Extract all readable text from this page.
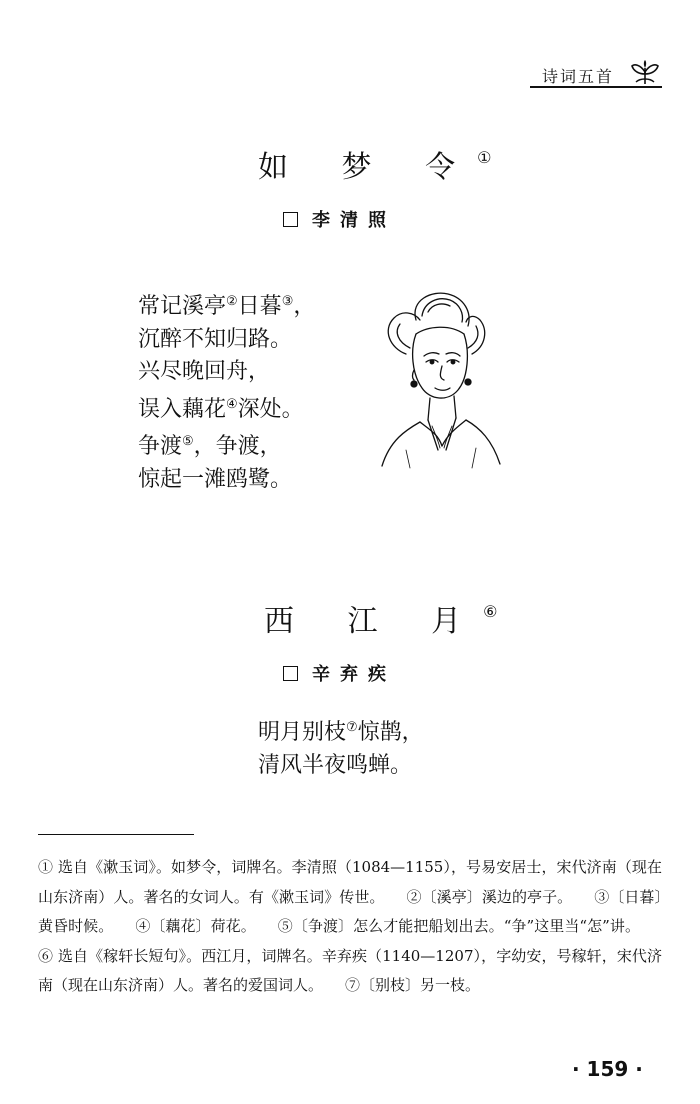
诗词五首
如 梦 令①
李清照
常记溪亭②日暮③，
沉醉不知归路。
兴尽晚回舟，
误入藕花④深处。
争渡⑤，争渡，
惊起一滩鸥鹭。
西 江 月⑥
辛弃疾
明月别枝⑦惊鹊，
清风半夜鸣蝉。
① 选自《漱玉词》。如梦令，词牌名。李清照（1084—1155），号易安居士，宋代济南（现在山东济南）人。著名的女词人。有《漱玉词》传世。 ②〔溪亭〕溪边的亭子。 ③〔日暮〕黄昏时候。 ④〔藕花〕荷花。 ⑤〔争渡〕怎么才能把船划出去。“争”这里当“怎”讲。⑥ 选自《稼轩长短句》。西江月，词牌名。辛弃疾（1140—1207），字幼安，号稼轩，宋代济南（现在山东济南）人。著名的爱国词人。 ⑦〔别枝〕另一枝。
· 159 ·
